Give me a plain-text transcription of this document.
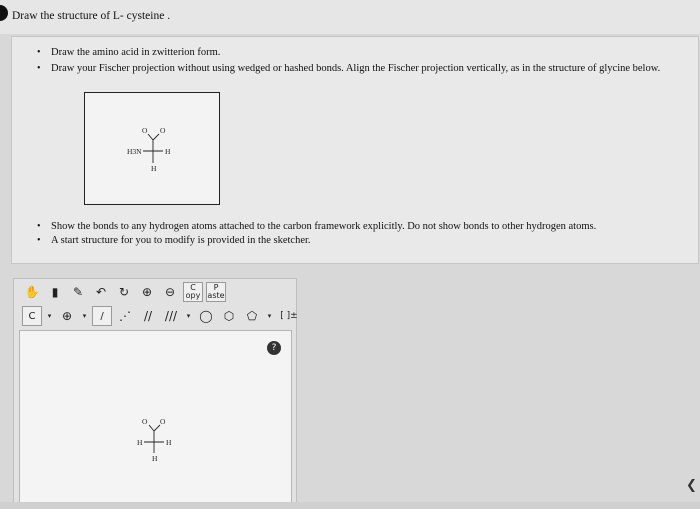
Draw the structure of L- cysteine .
• Draw the amino acid in zwitterion form.
• Draw your Fischer projection without using wedged or hashed bonds. Align the Fischer projection vertically, as in the structure of glycine below.
O O
H3N	H
H
• Show the bonds to any hydrogen atoms attached to the carbon framework explicitly. Do not show bonds to other hydrogen atoms.
• A start structure for you to modify is provided in the sketcher.
✋	▮	✎	↶	↻	⊕	⊖	C
opy
P
aste
C	▾ ⊕	▾	/	⋰	//	///	▾ ◯ ⬡	⬠	▾	[ ]±
?
O O
H	H
H
❮
